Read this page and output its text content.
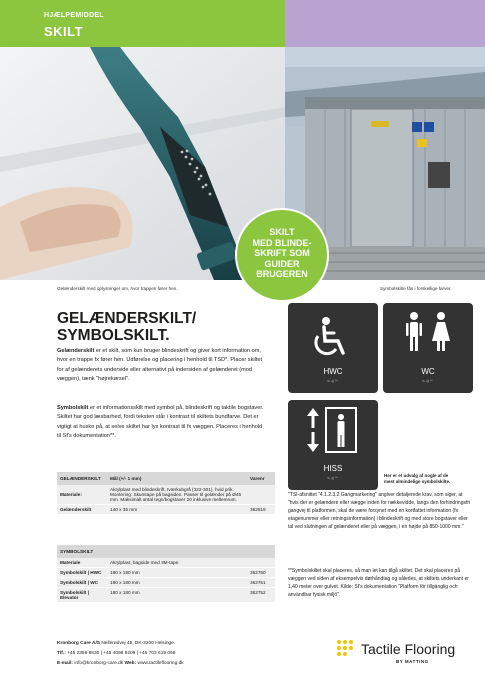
HJÆLPEMIDDEL
SKILT
SKILT
MED BLINDE-
SKRIFT SOM
GUIDER
BRUGEREN
Gelænderskilt med oplysninger om, hvor trappen fører hen.	Symbolskilte fås i forskellige farver.
GELÆNDERSKILT/
SYMBOLSKILT.

Gelænderskilt er et skilt, som kun bruger blindeskrift og giver kort information om, hvor en trappe fx fører hen. Udførelse og placering i henhold til TSD*. Placer skiltet for af gelænderets underside eller alternativt på indersiden af gelænderet (mod væggen), tænk "højrekørsel".

Symbolskilt er et informationsskilt med symbol på, blindeskrift og taktile bogstaver. Skiltet har god læsbarhed, fordi teksten står i kontrast til skiltets bundfarve. Det er vigtigt at huske på, at selve skiltet har lys kontrast til fx væggen. Placeres i henhold til Sf's dokumentation**.

GELÆNDERSKILT	Mål (+/- 1 mm)	Varenr
Materiale:	Akrylplast med blindeskrift, tværkubgrå (322-301), hvid prik. Montering: Skumtape på bagsiden. Passer til gelænder på Ø45 mm. Maksimalt antal tegn/bogstaver 20 inklusive mellemrum.	
Gelænderskilt	140 x 35 mm	362519
SYMBOLSKILT		
Materiale	Akrylplast, bagside med 3M-tape.	
Symbolskilt | HWC	180 x 180 mm	362750
Symbolskilt | WC	180 x 180 mm	362751
Symbolskilt | Elevator	180 x 180 mm	362752
HWC
⠓⠺⠉
WC
⠓⠺⠉
HISS
⠓⠺⠉
Her er et udvalg af nogle af de mest almindelige symbolskilte.

"TSI-afsnittet "4.1.2.3.2 Gangmarkering" angiver detaljerede krav, som siger, at "hvis der er gelændere eller vægge inden for rækkevidde, langs den forhindringsfri gangvej til platformen, skal de være forsynet med en kortfattet information (fx etagenummer eller retningsinformation) i blindeskrift og med store bogstaver eller tal ved slutningen af gelænderet eller på væggen, i en højde på 850-1000 mm."

**Symbolskiltet skal placeres, så man let kan tilgå skiltet. Det skal placeres på væggen ved siden af eksempelvis dørhåndtag og således, at skiltets underkant er 1,40 meter over gulvet. Kilde: Sf's dokumentation "Platform för tillgänglig och användbar fysisk miljö".

Kronborg Care A/S Nellerødvej 45, DK-3200 Helsinge.
Tlf.: +45 2358 8830 | +45 4098 9209 | +45 703 619 099
E-mail: info@kronborg-care.dk Web: www.tactileflooring.dk
Tactile Flooring
BY MATTING
